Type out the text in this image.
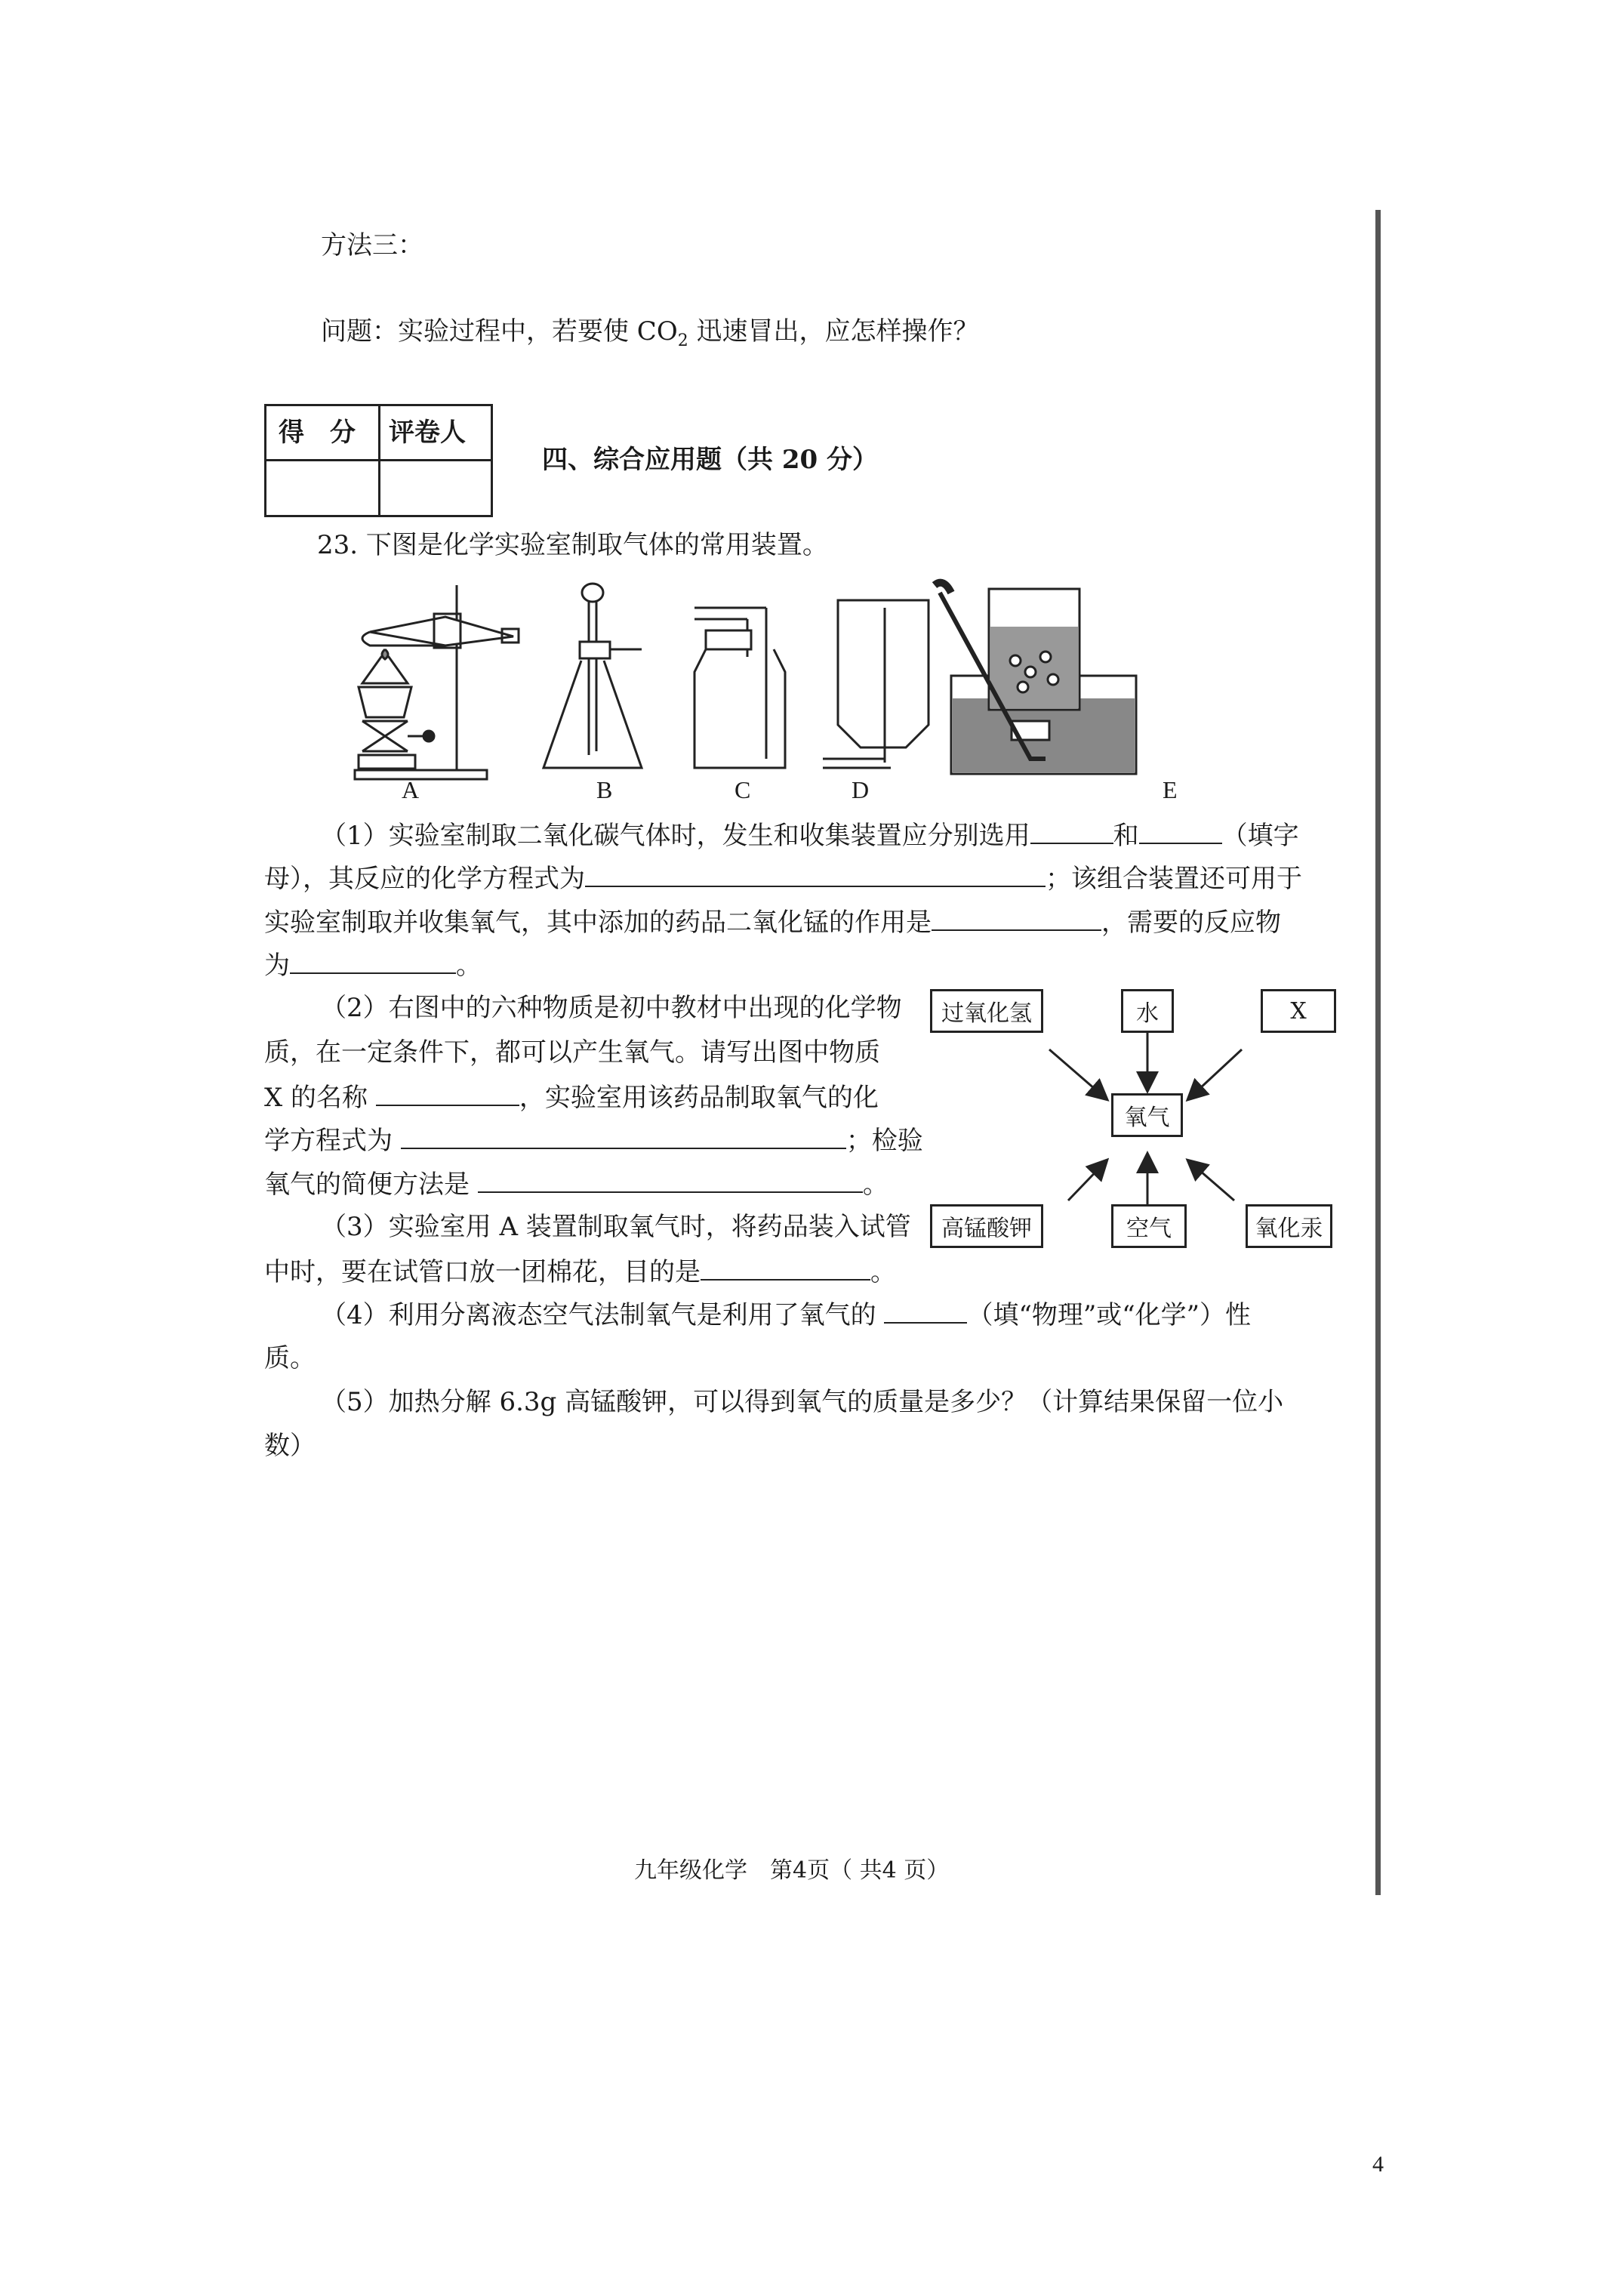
方法三：
问题：实验过程中，若要使 $CO_2$ 迅速冒出，应怎样操作？
得　分 评卷人
四、综合应用题（共 20 分）
23. 下图是化学实验室制取气体的常用装置。
A	B	C	D	E
（1）实验室制取二氧化碳气体时，发生和收集装置应分别选用	和	（填字
母），其反应的化学方程式为	；该组合装置还可用于
实验室制取并收集氧气，其中添加的药品二氧化锰的作用是	，需要的反应物
为	。
（2）右图中的六种物质是初中教材中出现的化学物
质，在一定条件下，都可以产生氧气。请写出图中物质
X 的名称	，实验室用该药品制取氧气的化
学方程式为	；检验
氧气的简便方法是	。
过氧化氢	水	X
氧气
高锰酸钾	空气	氧化汞
（3）实验室用 A 装置制取氧气时，将药品装入试管
中时，要在试管口放一团棉花，目的是	。
（4）利用分离液态空气法制氧气是利用了氧气的	（填“物理”或“化学”）性
质。
（5）加热分解 6.3g 高锰酸钾，可以得到氧气的质量是多少？（计算结果保留一位小
数）
九年级化学　第4页（ 共4 页）
4
